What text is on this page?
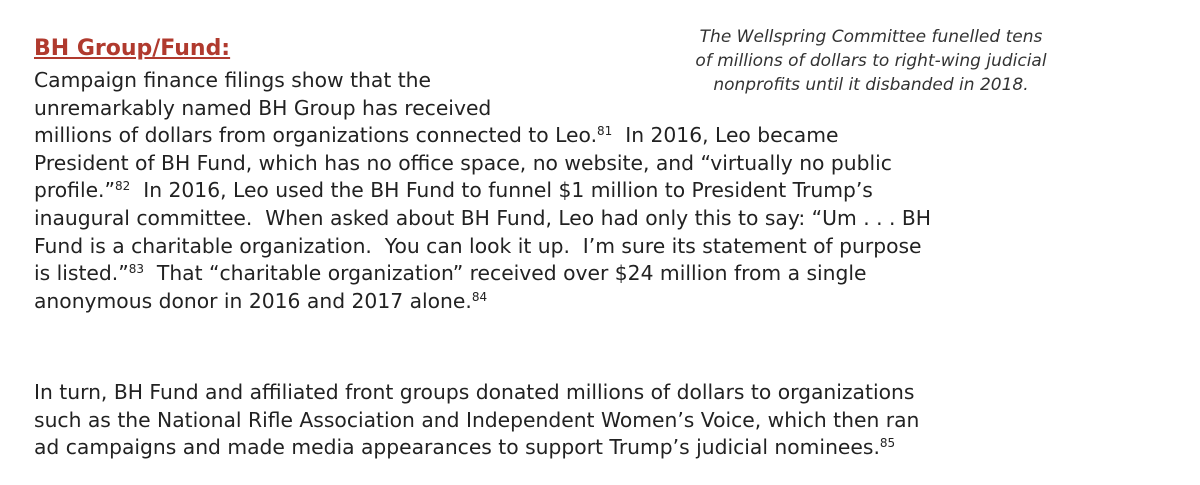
The Wellspring Committee funelled tens
of millions of dollars to right-wing judicial
nonprofits until it disbanded in 2018.
BH Group/Fund:
Campaign finance filings show that the
unremarkably named BH Group has received
millions of dollars from organizations connected to Leo.$^{81}$  In 2016, Leo became
President of BH Fund, which has no office space, no website, and “virtually no public
profile.”$^{82}$  In 2016, Leo used the BH Fund to funnel $1 million to President Trump’s
inaugural committee.  When asked about BH Fund, Leo had only this to say: “Um . . . BH
Fund is a charitable organization.  You can look it up.  I’m sure its statement of purpose
is listed.”$^{83}$  That “charitable organization” received over $24 million from a single
anonymous donor in 2016 and 2017 alone.$^{84}$
In turn, BH Fund and affiliated front groups donated millions of dollars to organizations
such as the National Rifle Association and Independent Women’s Voice, which then ran
ad campaigns and made media appearances to support Trump’s judicial nominees.$^{85}$
